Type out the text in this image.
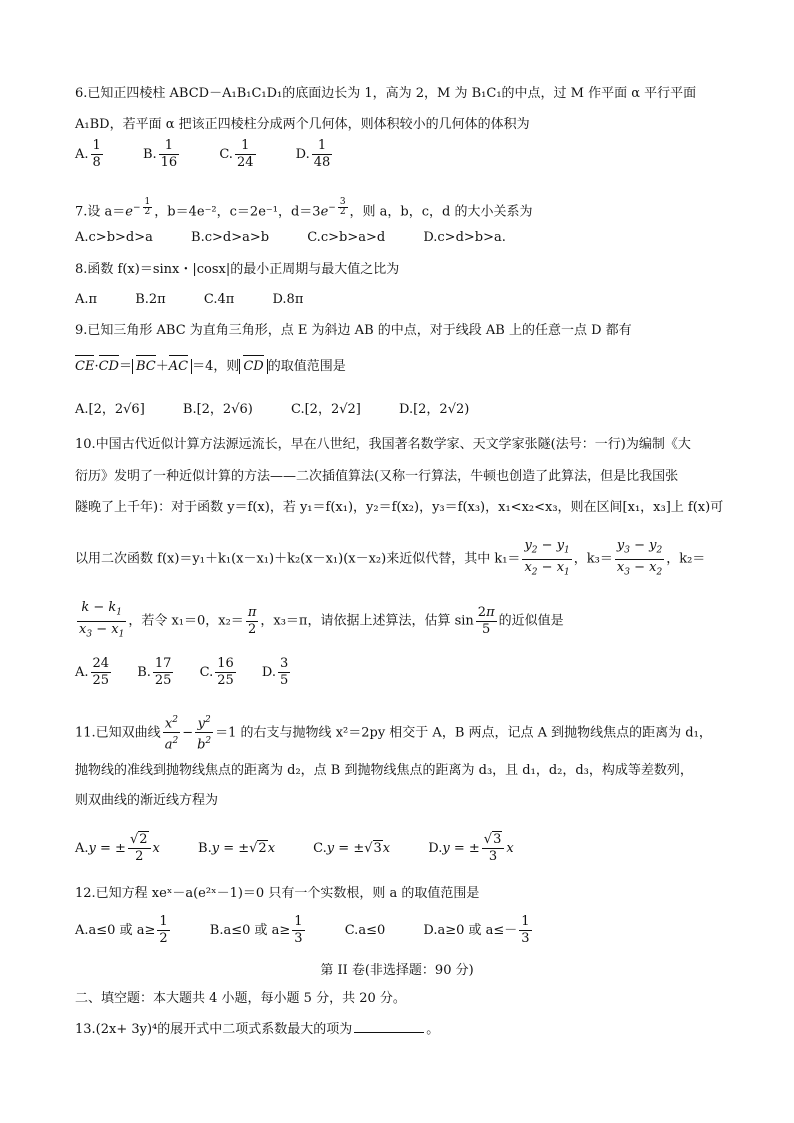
6.已知正四棱柱 ABCD－A₁B₁C₁D₁的底面边长为 1，高为 2，M 为 B₁C₁的中点，过 M 作平面 α 平行平面
A₁BD，若平面 α 把该正四棱柱分成两个几何体，则体积较小的几何体的体积为
A. $\frac{1}{8}$	B. $\frac{1}{16}$	C. $\frac{1}{24}$	D. $\frac{1}{48}$
7.设 $a=e^{- \frac{1}{2}}$ ，b＝4e⁻²，c＝2e⁻¹，$d=3e^{- \frac{3}{2}}$ ，则 a，b，c，d 的大小关系为
A.c>b>d>a	B.c>d>a>b	C.c>b>a>d	D.c>d>b>a.
8.函数 f(x)＝sinx・|cosx|的最小正周期与最大值之比为
A.π	B.2π	C.4π	D.8π
9.已知三角形 ABC 为直角三角形，点 E 为斜边 AB 的中点，对于线段 AB 上的任意一点 D 都有
CE·CD＝ BC＋AC ＝4，则 CD 的取值范围是
A.[2，2√6]	B.[2，2√6)	C.[2，2√2]	D.[2，2√2)
10.中国古代近似计算方法源远流长，早在八世纪，我国著名数学家、天文学家张隧(法号：一行)为编制《大
衍历》发明了一种近似计算的方法——二次插值算法(又称一行算法，牛顿也创造了此算法，但是比我国张
隧晚了上千年)：对于函数 y＝f(x)，若 y₁＝f(x₁)，y₂＝f(x₂)，y₃＝f(x₃)，x₁<x₂<x₃，则在区间[x₁，x₃]上 f(x)可
以用二次函数 f(x)＝y₁＋k₁(x－x₁)＋k₂(x－x₁)(x－x₂)来近似代替，其中 $k_1= \frac{y_2 - y_1}{x_2 - x_1}$ ，$k_3= \frac{y_3 - y_2}{x_3 - x_2}$ ，k₂＝
$\frac{k - k_1}{x_3 - x_1}$ ，若令 x₁＝0，$x_2= \frac{\pi}{2}$ ，x₃＝π，请依据上述算法，估算 $\sin \frac{2\pi}{5}$ 的近似值是
A. $\frac{24}{25} B$. $\frac{17}{25} C$. $\frac{16}{25} D$. $\frac{3}{5}$
11.已知双曲线 $\frac{x^2}{a^2} - \frac{y^2}{b^2} =1$ 的右支与抛物线 x²＝2py 相交于 A，B 两点，记点 A 到抛物线焦点的距离为 d₁，
抛物线的准线到抛物线焦点的距离为 d₂，点 B 到抛物线焦点的距离为 d₃，且 d₁，d₂，d₃，构成等差数列，
则双曲线的渐近线方程为
A.y = ± $\frac{√2}{2}$ x	B.y = ±√2x	C.y = ±√3x	D.y = ± $\frac{√3}{3}$ x
12.已知方程 xeˣ－a(e²ˣ－1)＝0 只有一个实数根，则 a 的取值范围是
A.a≤0 或 $a\ge \frac{1}{2}$	B.a≤0 或 $a\ge \frac{1}{3}$	C.a≤0	D.a≥0 或 $a\le- \frac{1}{3}$
第 II 卷(非选择题：90 分)
二、填空题：本大题共 4 小题，每小题 5 分，共 20 分。
13.(2x+ 3y)⁴的展开式中二项式系数最大的项为	。
